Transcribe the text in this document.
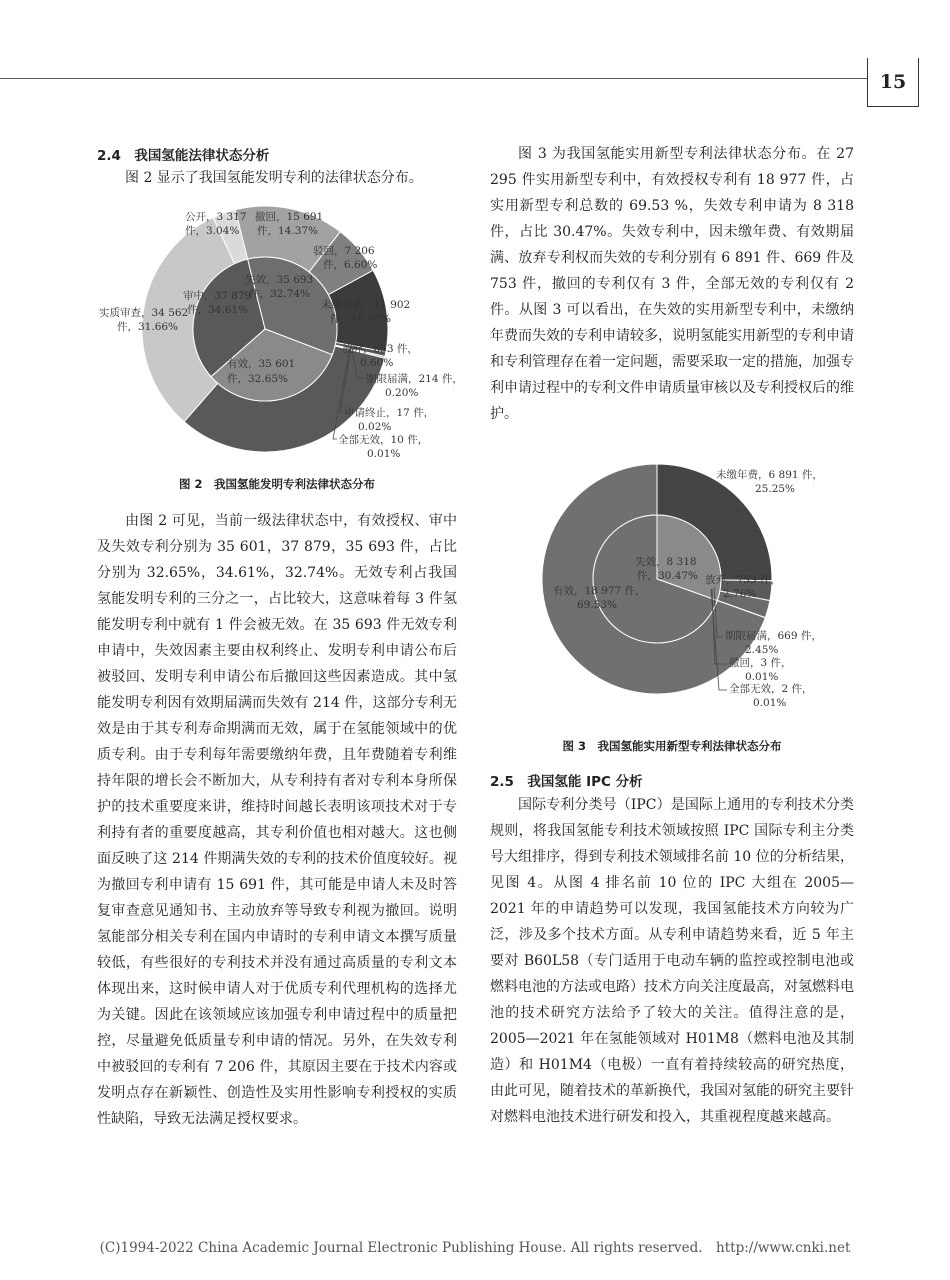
15
2.4　我国氢能法律状态分析

图 2 显示了我国氢能发明专利的法律状态分布。

公开，3 317
件，3.04%
撤回，15 691
件，14.37%
驳回，7 206
件，6.60%
失效，35 693
件，32.74%
审中，37 879
件，34.61%
实质审查，34 562
件，31.66%
未缴年费，11 902
件，10.90%
有效，35 601
件，32.65%
放弃，653 件，
0.60%
期限届满，214 件，
0.20%
申请终止，17 件，
0.02%
全部无效，10 件，
0.01%
图 2　我国氢能发明专利法律状态分布

由图 2 可见，当前一级法律状态中，有效授权、审中及失效专利分别为 35 601，37 879，35 693 件，占比分别为 32.65%，34.61%，32.74%。无效专利占我国氢能发明专利的三分之一，占比较大，这意味着每 3 件氢能发明专利中就有 1 件会被无效。在 35 693 件无效专利申请中，失效因素主要由权利终止、发明专利申请公布后被驳回、发明专利申请公布后撤回这些因素造成。其中氢能发明专利因有效期届满而失效有 214 件，这部分专利无效是由于其专利寿命期满而无效，属于在氢能领域中的优质专利。由于专利每年需要缴纳年费，且年费随着专利维持年限的增长会不断加大，从专利持有者对专利本身所保护的技术重要度来讲，维持时间越长表明该项技术对于专利持有者的重要度越高，其专利价值也相对越大。这也侧面反映了这 214 件期满失效的专利的技术价值度较好。视为撤回专利申请有 15 691 件，其可能是申请人未及时答复审查意见通知书、主动放弃等导致专利视为撤回。说明氢能部分相关专利在国内申请时的专利申请文本撰写质量较低，有些很好的专利技术并没有通过高质量的专利文本体现出来，这时候申请人对于优质专利代理机构的选择尤为关键。因此在该领域应该加强专利申请过程中的质量把控，尽量避免低质量专利申请的情况。另外，在失效专利中被驳回的专利有 7 206 件，其原因主要在于技术内容或发明点存在新颖性、创造性及实用性影响专利授权的实质性缺陷，导致无法满足授权要求。

图 3 为我国氢能实用新型专利法律状态分布。在 27 295 件实用新型专利中，有效授权专利有 18 977 件，占实用新型专利总数的 69.53 %，失效专利申请为 8 318 件，占比 30.47%。失效专利中，因未缴年费、有效期届满、放弃专利权而失效的专利分别有 6 891 件、669 件及 753 件，撤回的专利仅有 3 件，全部无效的专利仅有 2 件。从图 3 可以看出，在失效的实用新型专利中，未缴纳年费而失效的专利申请较多，说明氢能实用新型的专利申请和专利管理存在着一定问题，需要采取一定的措施，加强专利申请过程中的专利文件申请质量审核以及专利授权后的维护。

未缴年费，6 891 件，
25.25%
失效，8 318
件，30.47%
有效，18 977 件，
69.53%
放弃，753 件，
2.76%
期限届满，669 件，
2.45%
撤回，3 件，
0.01%
全部无效，2 件，
0.01%
图 3　我国氢能实用新型专利法律状态分布
2.5　我国氢能 IPC 分析

国际专利分类号（IPC）是国际上通用的专利技术分类规则，将我国氢能专利技术领域按照 IPC 国际专利主分类号大组排序，得到专利技术领域排名前 10 位的分析结果，见图 4。从图 4 排名前 10 位的 IPC 大组在 2005—2021 年的申请趋势可以发现，我国氢能技术方向较为广泛，涉及多个技术方面。从专利申请趋势来看，近 5 年主要对 B60L58（专门适用于电动车辆的监控或控制电池或燃料电池的方法或电路）技术方向关注度最高，对氢燃料电池的技术研究方法给予了较大的关注。值得注意的是，2005—2021 年在氢能领域对 H01M8（燃料电池及其制造）和 H01M4（电极）一直有着持续较高的研究热度，由此可见，随着技术的革新换代，我国对氢能的研究主要针对燃料电池技术进行研发和投入，其重视程度越来越高。

(C)1994-2022 China Academic Journal Electronic Publishing House. All rights reserved.　http://www.cnki.net
